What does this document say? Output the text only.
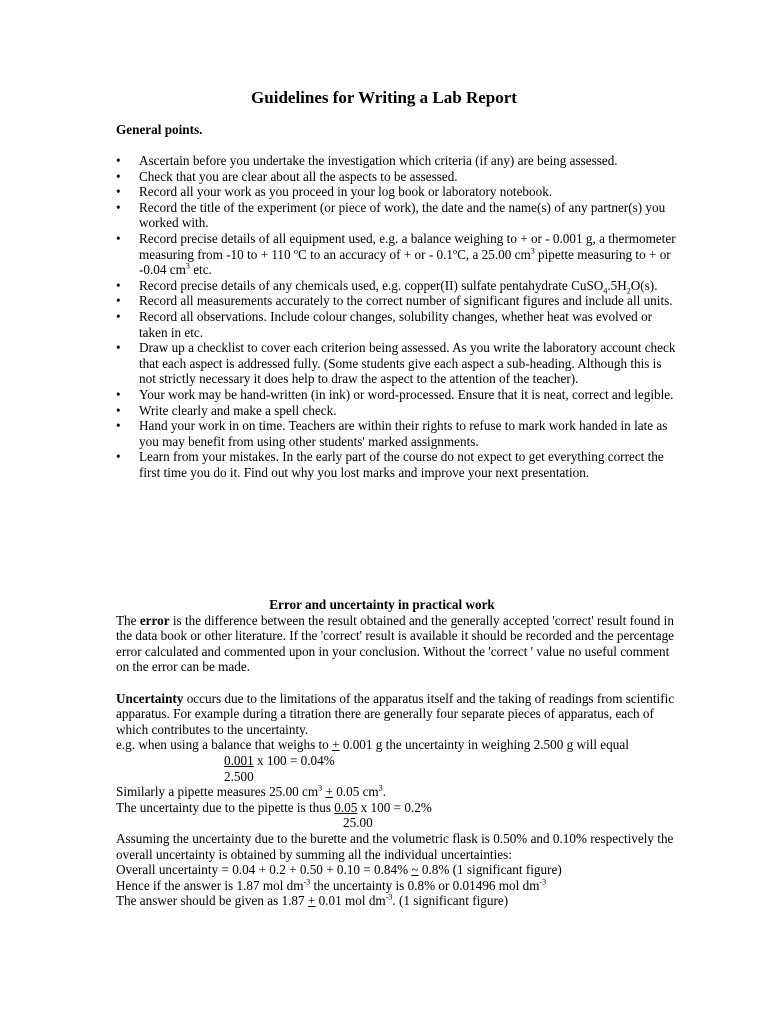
Guidelines for Writing a Lab Report
General points.
• Ascertain before you undertake the investigation which criteria (if any) are being assessed.
• Check that you are clear about all the aspects to be assessed.
• Record all your work as you proceed in your log book or laboratory notebook.
• Record the title of the experiment (or piece of work), the date and the name(s) of any partner(s) you worked with.
• Record precise details of all equipment used, e.g. a balance weighing to + or - 0.001 g, a thermometer measuring from -10 to + 110 ºC to an accuracy of + or - 0.1ºC, a 25.00 $cm^3$ pipette measuring to + or -0.04 $cm^3$ etc.
• Record precise details of any chemicals used, e.g. copper(II) sulfate pentahydrate $CuSO_4.5H_2O(s)$.
• Record all measurements accurately to the correct number of significant figures and include all units.
• Record all observations. Include colour changes, solubility changes, whether heat was evolved or taken in etc.
• Draw up a checklist to cover each criterion being assessed. As you write the laboratory account check that each aspect is addressed fully. (Some students give each aspect a sub-heading. Although this is not strictly necessary it does help to draw the aspect to the attention of the teacher).
• Your work may be hand-written (in ink) or word-processed. Ensure that it is neat, correct and legible.
• Write clearly and make a spell check.
• Hand your work in on time. Teachers are within their rights to refuse to mark work handed in late as you may benefit from using other students' marked assignments.
• Learn from your mistakes. In the early part of the course do not expect to get everything correct the first time you do it. Find out why you lost marks and improve your next presentation.
Error and uncertainty in practical work

The error is the difference between the result obtained and the generally accepted 'correct' result found in the data book or other literature. If the 'correct' result is available it should be recorded and the percentage error calculated and commented upon in your conclusion. Without the 'correct ' value no useful comment on the error can be made.

Uncertainty occurs due to the limitations of the apparatus itself and the taking of readings from scientific apparatus. For example during a titration there are generally four separate pieces of apparatus, each of which contributes to the uncertainty.

e.g. when using a balance that weighs to + 0.001 g the uncertainty in weighing 2.500 g will equal

0.001 x 100 = 0.04%
2.500

Similarly a pipette measures 25.00 $cm^3 + 0.05$ $cm^3$.

The uncertainty due to the pipette is thus 0.05 x 100 = 0.2%

25.00

Assuming the uncertainty due to the burette and the volumetric flask is 0.50% and 0.10% respectively the overall uncertainty is obtained by summing all the individual uncertainties:

Overall uncertainty = 0.04 + 0.2 + 0.50 + 0.10 = 0.84% ~ 0.8% (1 significant figure)

Hence if the answer is 1.87 mol $dm^{-3}$ the uncertainty is 0.8% or 0.01496 mol $dm^{-3}$

The answer should be given as 1.87 + 0.01 mol $dm^{-3}$. (1 significant figure)
